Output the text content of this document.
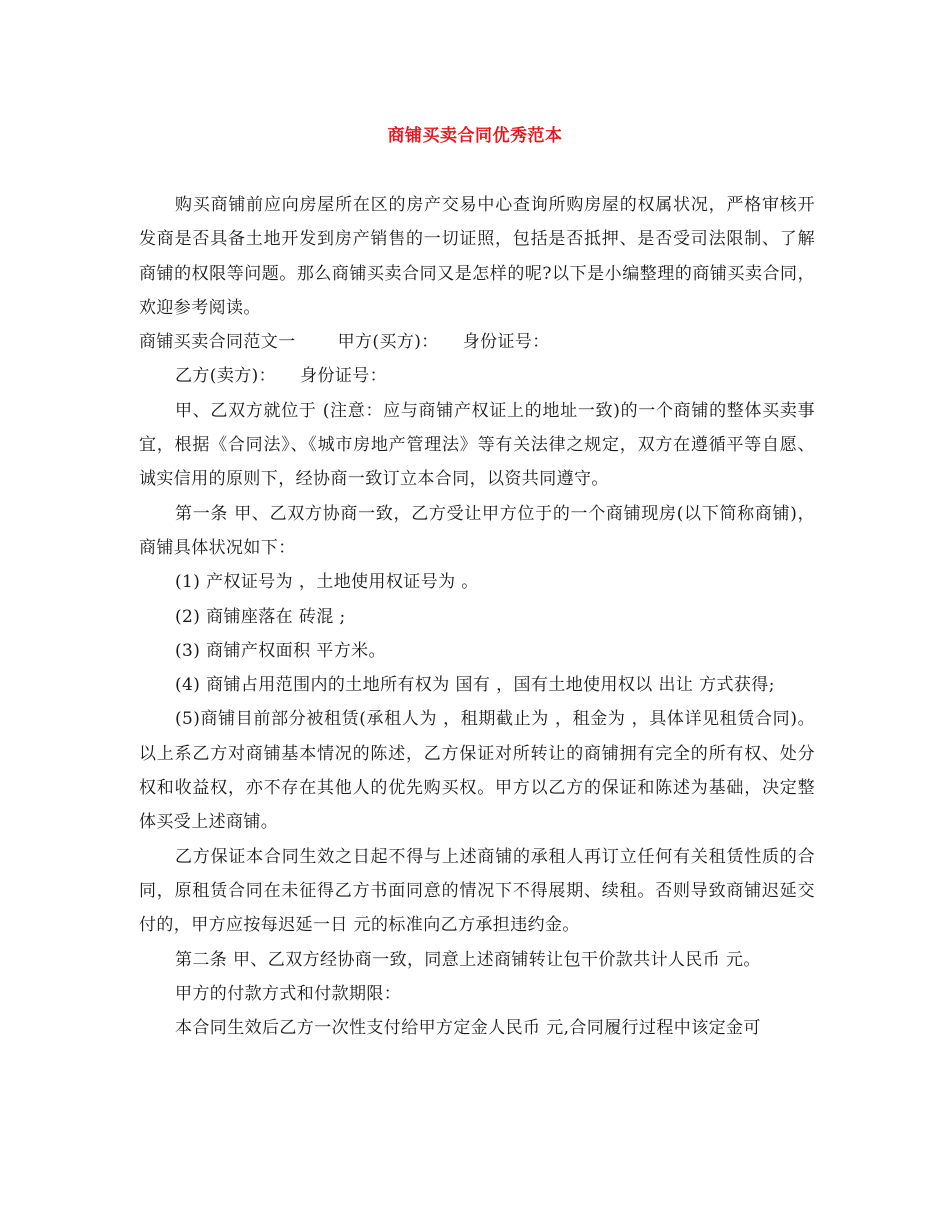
商铺买卖合同优秀范本

购买商铺前应向房屋所在区的房产交易中心查询所购房屋的权属状况，严格审核开发商是否具备土地开发到房产销售的一切证照，包括是否抵押、是否受司法限制、了解商铺的权限等问题。那么商铺买卖合同又是怎样的呢?以下是小编整理的商铺买卖合同，欢迎参考阅读。

商铺买卖合同范文一 甲方(买方)： 身份证号：

乙方(卖方)： 身份证号：

甲、乙双方就位于 (注意：应与商铺产权证上的地址一致)的一个商铺的整体买卖事宜，根据《合同法》、《城市房地产管理法》等有关法律之规定，双方在遵循平等自愿、诚实信用的原则下，经协商一致订立本合同，以资共同遵守。

第一条 甲、乙双方协商一致，乙方受让甲方位于的一个商铺现房(以下简称商铺)，商铺具体状况如下：

(1) 产权证号为 ，土地使用权证号为 。

(2) 商铺座落在 砖混 ;

(3) 商铺产权面积 平方米。

(4) 商铺占用范围内的土地所有权为 国有 ，国有土地使用权以 出让 方式获得;

(5)商铺目前部分被租赁(承租人为 ，租期截止为 ，租金为 ，具体详见租赁合同)。 以上系乙方对商铺基本情况的陈述，乙方保证对所转让的商铺拥有完全的所有权、处分权和收益权，亦不存在其他人的优先购买权。甲方以乙方的保证和陈述为基础，决定整体买受上述商铺。

乙方保证本合同生效之日起不得与上述商铺的承租人再订立任何有关租赁性质的合同，原租赁合同在未征得乙方书面同意的情况下不得展期、续租。否则导致商铺迟延交付的，甲方应按每迟延一日 元的标准向乙方承担违约金。

第二条 甲、乙双方经协商一致，同意上述商铺转让包干价款共计人民币 元。

甲方的付款方式和付款期限：

本合同生效后乙方一次性支付给甲方定金人民币 元,合同履行过程中该定金可
